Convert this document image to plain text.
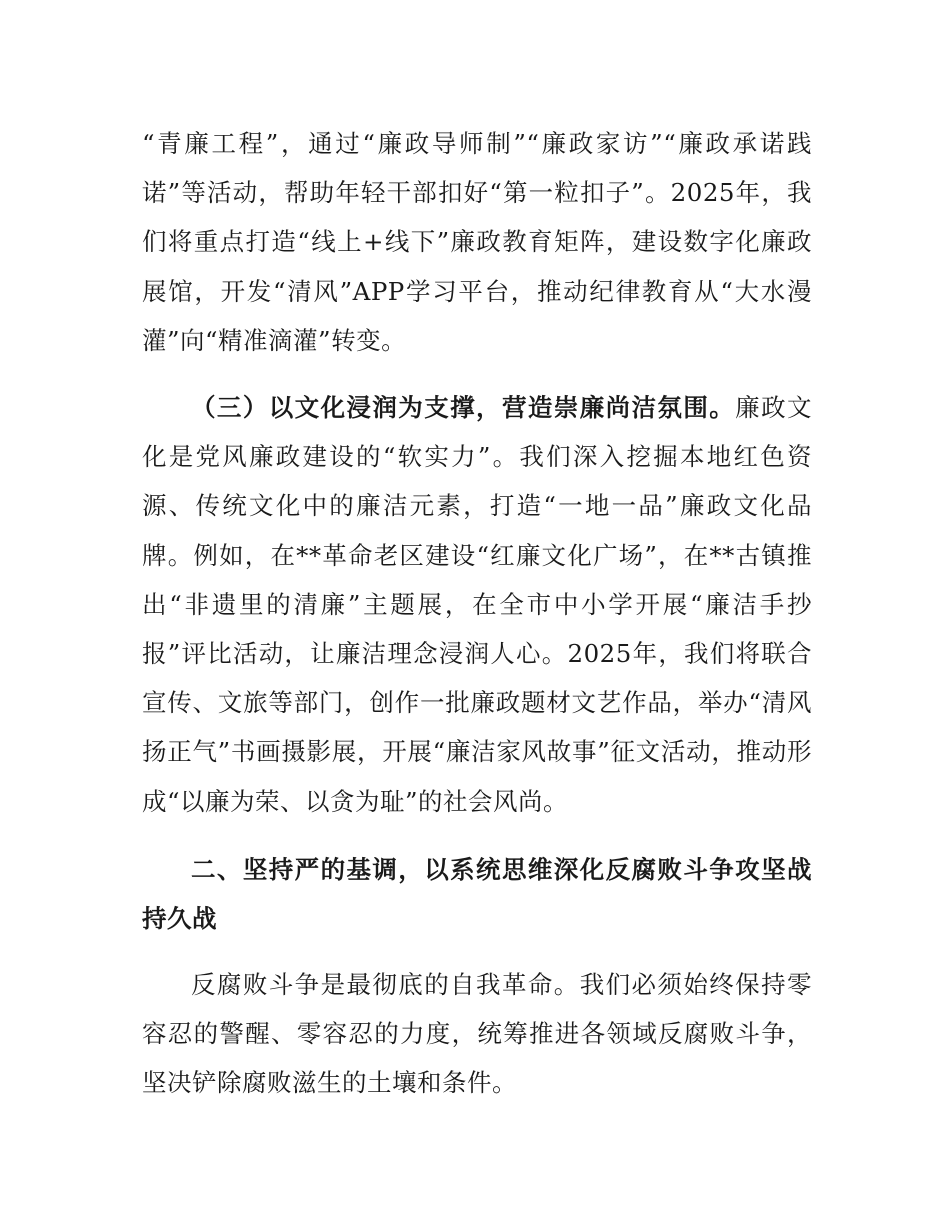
“青廉工程”，通过“廉政导师制”“廉政家访”“廉政承诺践诺”等活动，帮助年轻干部扣好“第一粒扣子”。2025年，我们将重点打造“线上+线下”廉政教育矩阵，建设数字化廉政展馆，开发“清风”APP学习平台，推动纪律教育从“大水漫灌”向“精准滴灌”转变。

（三）以文化浸润为支撑，营造崇廉尚洁氛围。廉政文化是党风廉政建设的“软实力”。我们深入挖掘本地红色资源、传统文化中的廉洁元素，打造“一地一品”廉政文化品牌。例如，在**革命老区建设“红廉文化广场”，在**古镇推出“非遗里的清廉”主题展，在全市中小学开展“廉洁手抄报”评比活动，让廉洁理念浸润人心。2025年，我们将联合宣传、文旅等部门，创作一批廉政题材文艺作品，举办“清风扬正气”书画摄影展，开展“廉洁家风故事”征文活动，推动形成“以廉为荣、以贪为耻”的社会风尚。

二、坚持严的基调，以系统思维深化反腐败斗争攻坚战持久战

反腐败斗争是最彻底的自我革命。我们必须始终保持零容忍的警醒、零容忍的力度，统筹推进各领域反腐败斗争，坚决铲除腐败滋生的土壤和条件。
